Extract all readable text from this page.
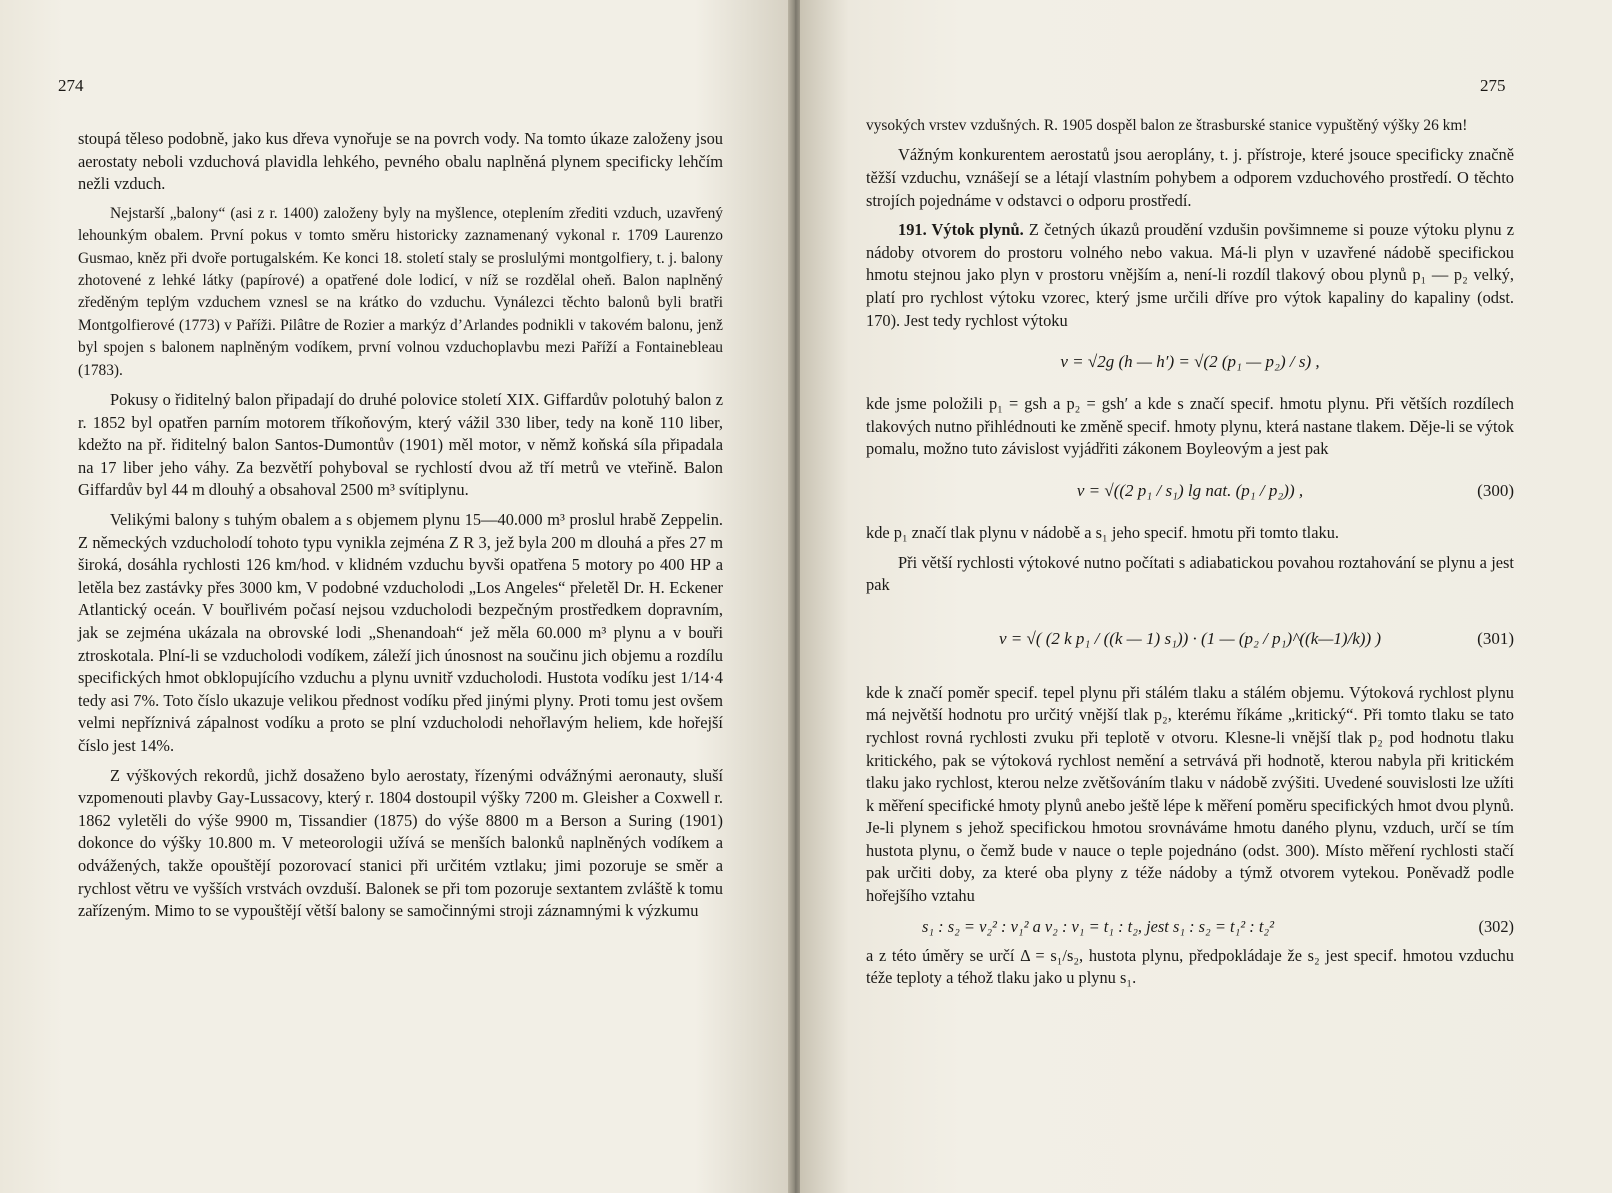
274

stoupá těleso podobně, jako kus dřeva vynořuje se na povrch vody. Na tomto úkaze založeny jsou aerostaty neboli vzduchová plavidla lehkého, pevného obalu naplněná plynem specificky lehčím nežli vzduch.

Nejstarší „balony“ (asi z r. 1400) založeny byly na myšlence, oteplením zřediti vzduch, uzavřený lehounkým obalem. První pokus v tomto směru historicky zaznamenaný vykonal r. 1709 Laurenzo Gusmao, kněz při dvoře portugalském. Ke konci 18. století staly se proslulými montgolfiery, t. j. balony zhotovené z lehké látky (papírové) a opatřené dole lodicí, v níž se rozdělal oheň. Balon naplněný zředěným teplým vzduchem vznesl se na krátko do vzduchu. Vynálezci těchto balonů byli bratři Montgolfierové (1773) v Paříži. Pilâtre de Rozier a markýz d’Arlandes podnikli v takovém balonu, jenž byl spojen s balonem naplněným vodíkem, první volnou vzduchoplavbu mezi Paříží a Fontainebleau (1783).

Pokusy o řiditelný balon připadají do druhé polovice století XIX. Giffardův polotuhý balon z r. 1852 byl opatřen parním motorem tříkoňovým, který vážil 330 liber, tedy na koně 110 liber, kdežto na př. řiditelný balon Santos-Dumontův (1901) měl motor, v němž koňská síla připadala na 17 liber jeho váhy. Za bezvětří pohyboval se rychlostí dvou až tří metrů ve vteřině. Balon Giffardův byl 44 m dlouhý a obsahoval 2500 m³ svítiplynu.

Velikými balony s tuhým obalem a s objemem plynu 15—40.000 m³ proslul hrabě Zeppelin. Z německých vzducholodí tohoto typu vynikla zejména Z R 3, jež byla 200 m dlouhá a přes 27 m široká, dosáhla rychlosti 126 km/hod. v klidném vzduchu byvši opatřena 5 motory po 400 HP a letěla bez zastávky přes 3000 km, V podobné vzducholodi „Los Angeles“ přeletěl Dr. H. Eckener Atlantický oceán. V bouřlivém počasí nejsou vzducholodi bezpečným prostředkem dopravním, jak se zejména ukázala na obrovské lodi „Shenandoah“ jež měla 60.000 m³ plynu a v bouři ztroskotala. Plní-li se vzducholodi vodíkem, záleží jich únosnost na součinu jich objemu a rozdílu specifických hmot obklopujícího vzduchu a plynu uvnitř vzducholodi. Hustota vodíku jest 1/14·4 tedy asi 7%. Toto číslo ukazuje velikou přednost vodíku před jinými plyny. Proti tomu jest ovšem velmi nepříznivá zápalnost vodíku a proto se plní vzducholodi nehořlavým heliem, kde hořejší číslo jest 14%.

Z výškových rekordů, jichž dosaženo bylo aerostaty, řízenými odvážnými aeronauty, sluší vzpomenouti plavby Gay-Lussacovy, který r. 1804 dostoupil výšky 7200 m. Gleisher a Coxwell r. 1862 vyletěli do výše 9900 m, Tissandier (1875) do výše 8800 m a Berson a Suring (1901) dokonce do výšky 10.800 m. V meteorologii užívá se menších balonků naplněných vodíkem a odvážených, takže opouštějí pozorovací stanici při určitém vztlaku; jimi pozoruje se směr a rychlost větru ve vyšších vrstvách ovzduší. Balonek se při tom pozoruje sextantem zvláště k tomu zařízeným. Mimo to se vypouštějí větší balony se samočinnými stroji záznamnými k výzkumu

275

vysokých vrstev vzdušných. R. 1905 dospěl balon ze štrasburské stanice vypuštěný výšky 26 km!

Vážným konkurentem aerostatů jsou aeroplány, t. j. přístroje, které jsouce specificky značně těžší vzduchu, vznášejí se a létají vlastním pohybem a odporem vzduchového prostředí. O těchto strojích pojednáme v odstavci o odporu prostředí.

191. Výtok plynů. Z četných úkazů proudění vzdušin povšimneme si pouze výtoku plynu z nádoby otvorem do prostoru volného nebo vakua. Má-li plyn v uzavřené nádobě specifickou hmotu stejnou jako plyn v prostoru vnějším a, není-li rozdíl tlakový obou plynů p₁ — p₂ velký, platí pro rychlost výtoku vzorec, který jsme určili dříve pro výtok kapaliny do kapaliny (odst. 170). Jest tedy rychlost výtoku

v = √2g (h — h′) = √(2 (p₁ — p₂) / s) ,

kde jsme položili p₁ = gsh a p₂ = gsh′ a kde s značí specif. hmotu plynu. Při větších rozdílech tlakových nutno přihlédnouti ke změně specif. hmoty plynu, která nastane tlakem. Děje-li se výtok pomalu, možno tuto závislost vyjádřiti zákonem Boyleovým a jest pak

v = √((2 p₁ / s₁) lg nat. (p₁ / p₂)) ,	(300)

kde p₁ značí tlak plynu v nádobě a s₁ jeho specif. hmotu při tomto tlaku.

Při větší rychlosti výtokové nutno počítati s adiabatickou povahou roztahování se plynu a jest pak

v = √( (2 k p₁ / ((k — 1) s₁)) · (1 — (p₂ / p₁)^((k—1)/k)) )	(301)

kde k značí poměr specif. tepel plynu při stálém tlaku a stálém objemu. Výtoková rychlost plynu má největší hodnotu pro určitý vnější tlak p₂, kterému říkáme „kritický“. Při tomto tlaku se tato rychlost rovná rychlosti zvuku při teplotě v otvoru. Klesne-li vnější tlak p₂ pod hodnotu tlaku kritického, pak se výtoková rychlost nemění a setrvává při hodnotě, kterou nabyla při kritickém tlaku jako rychlost, kterou nelze zvětšováním tlaku v nádobě zvýšiti. Uvedené souvislosti lze užíti k měření specifické hmoty plynů anebo ještě lépe k měření poměru specifických hmot dvou plynů. Je-li plynem s jehož specifickou hmotou srovnáváme hmotu daného plynu, vzduch, určí se tím hustota plynu, o čemž bude v nauce o teple pojednáno (odst. 300). Místo měření rychlosti stačí pak určiti doby, za které oba plyny z téže nádoby a týmž otvorem vytekou. Poněvadž podle hořejšího vztahu

s₁ : s₂ = v₂² : v₁² a v₂ : v₁ = t₁ : t₂, jest s₁ : s₂ = t₁² : t₂²	(302)

a z této úměry se určí Δ = s₁/s₂, hustota plynu, předpokládaje že s₂ jest specif. hmotou vzduchu téže teploty a téhož tlaku jako u plynu s₁.
